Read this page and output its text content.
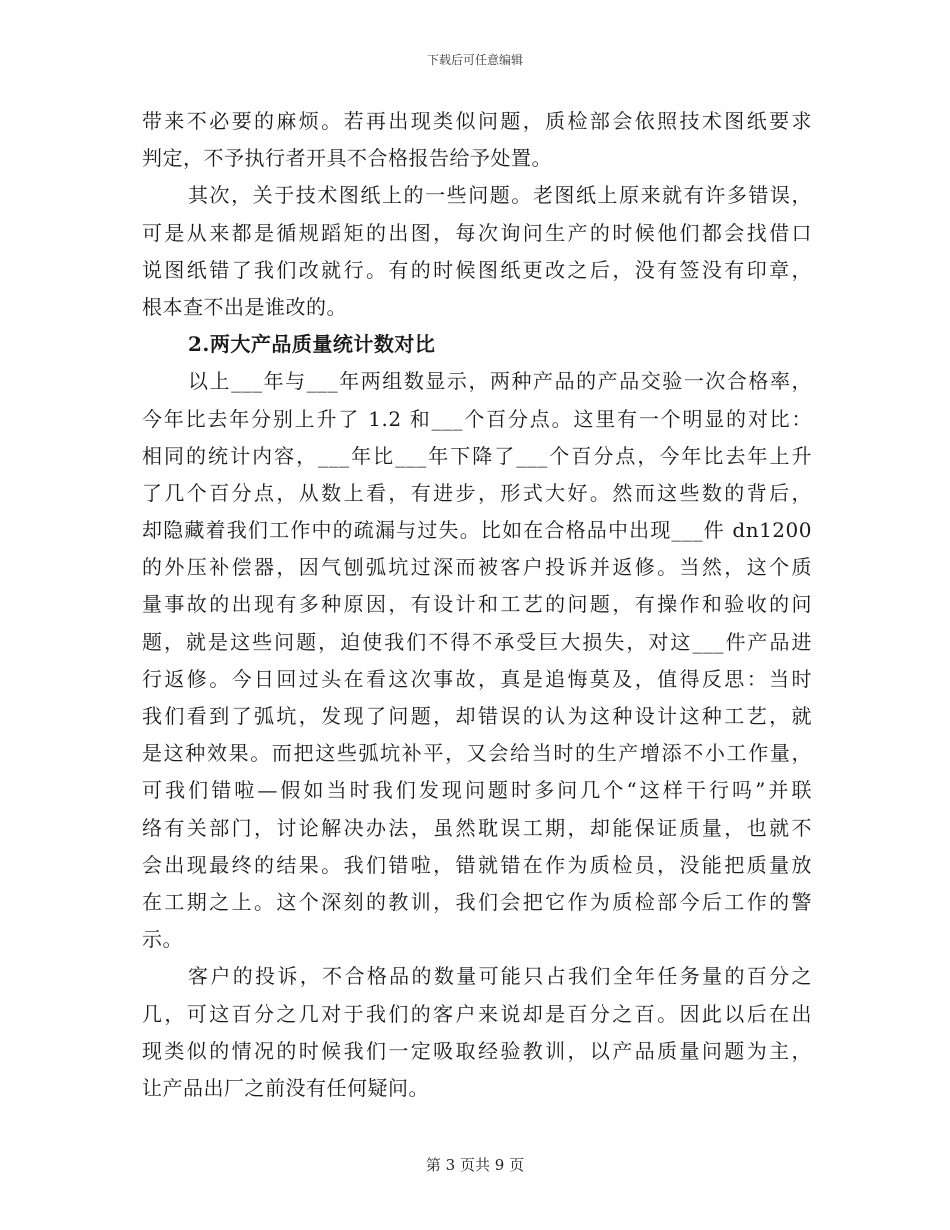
下载后可任意编辑
带来不必要的麻烦。若再出现类似问题，质检部会依照技术图纸要求
判定，不予执行者开具不合格报告给予处置。
其次，关于技术图纸上的一些问题。老图纸上原来就有许多错误，
可是从来都是循规蹈矩的出图，每次询问生产的时候他们都会找借口
说图纸错了我们改就行。有的时候图纸更改之后，没有签没有印章，
根本查不出是谁改的。
2.两大产品质量统计数对比
以上___年与___年两组数显示，两种产品的产品交验一次合格率，
今年比去年分别上升了 1.2 和___个百分点。这里有一个明显的对比：
相同的统计内容，___年比___年下降了___个百分点，今年比去年上升
了几个百分点，从数上看，有进步，形式大好。然而这些数的背后，
却隐藏着我们工作中的疏漏与过失。比如在合格品中出现___件 dn1200
的外压补偿器，因气刨弧坑过深而被客户投诉并返修。当然，这个质
量事故的出现有多种原因，有设计和工艺的问题，有操作和验收的问
题，就是这些问题，迫使我们不得不承受巨大损失，对这___件产品进
行返修。今日回过头在看这次事故，真是追悔莫及，值得反思：当时
我们看到了弧坑，发现了问题，却错误的认为这种设计这种工艺，就
是这种效果。而把这些弧坑补平，又会给当时的生产增添不小工作量，
可我们错啦—假如当时我们发现问题时多问几个“这样干行吗”并联
络有关部门，讨论解决办法，虽然耽误工期，却能保证质量，也就不
会出现最终的结果。我们错啦，错就错在作为质检员，没能把质量放
在工期之上。这个深刻的教训，我们会把它作为质检部今后工作的警
示。
客户的投诉，不合格品的数量可能只占我们全年任务量的百分之
几，可这百分之几对于我们的客户来说却是百分之百。因此以后在出
现类似的情况的时候我们一定吸取经验教训，以产品质量问题为主，
让产品出厂之前没有任何疑问。
第 3 页共 9 页
